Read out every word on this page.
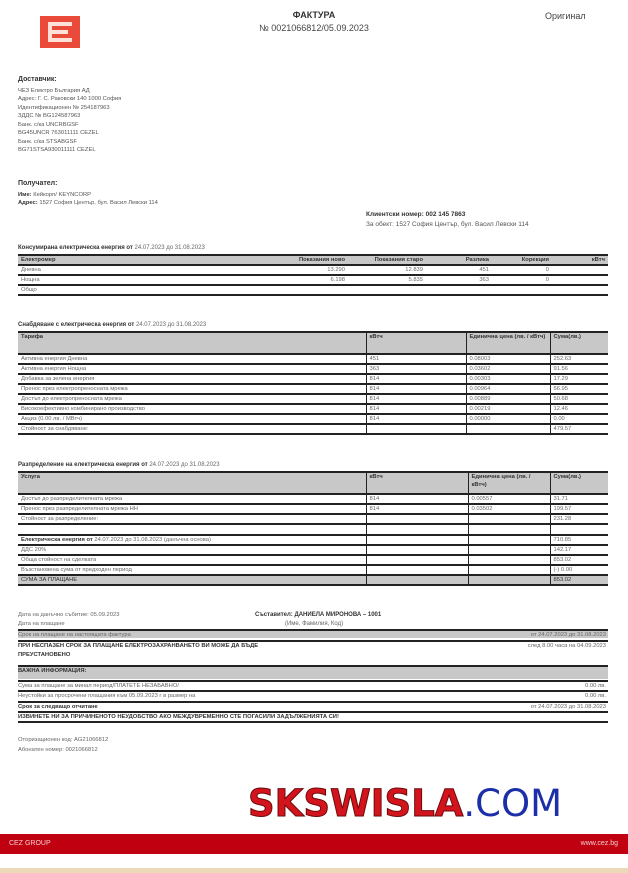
ФАКТУРА
№ 0021066812/05.09.2023
Оригинал
Доставчик:
ЧЕЗ Електро България АД
Адрес: Г. С. Раковски 140 1000 София
Идентификационен № 254187963
ЗДДС № BG124587963
Банк. с/ка UNCRBGSF
BG45UNCR 763011111 CEZEL
Банк. с/ка STSABGSF
BG71STSA930011111 CEZEL
Получател:
Име: Кейкорп/ KEYNCORP
Адрес: 1527 София Център, бул. Васил Левски 114
Клиентски номер: 002 145 7863
За обект: 1527 София Център, бул. Васил Левски 114
Консумирана електрическа енергия от 24.07.2023 до 31.08.2023
Електромер	Показания ново	Показания старо	Разлика	Корекция	кВтч
Дневна	13.290	12.839	451	0	
Нощна	6.198	5.835	363	0	
Общо					
Снабдяване с електрическа енергия от 24.07.2023 до 31.08.2023
Тарифа	кВтч	Единична цена (лв. / кВтч)	Сума(лв.)
Активна енергия Дневна	451	0.08003	252.63
Активна енергия Нощна	363	0.03602	91.56
Добавка за зелена енергия	814	0.00303	17.29
Пренос през електропреносната мрежа	814	0.00964	56.95
Достъп до електропреносната мрежа	814	0.00889	50.68
Високоефективно комбинирано производство	814	0.00219	12.46
Акциз (0.00 лв. / МВтч)	814	0.00000	0.00
Стойност за снабдяване:			479.57
Разпределение на електрическа енергия от 24.07.2023 до 31.08.2023
Услуга	кВтч	Единична цена (лв. / кВтч)	Сума(лв.)
Достъп до разпределителната мрежа	814	0.00557	31.71
Пренос през разпределителната мрежа НН	814	0.03502	199.57
Стойност за разпределение:			231.28

Електрическа енергия от 24.07.2023 до 31.08.2023 (данъчна основа)			710.85
ДДС 20%			142.17
Обща стойност на сделката			853.02
Възстановена сума от предходен период			(-) 0.00
СУМА ЗА ПЛАЩАНЕ			853.02
Дата на данъчно събитие: 05.09.2023
Дата на плащане
Съставител: ДАНИЕЛА МИРОНОВА – 1001
(Име, Фамилия, Код)
Срок на плащане на настоящата фактура	от 24.07.2023 до 31.08.2023
ПРИ НЕСПАЗЕН СРОК ЗА ПЛАЩАНЕ ЕЛЕКТРОЗАХРАНВАНЕТО ВИ МОЖЕ ДА БЪДЕ
ПРЕУСТАНОВЕНО
след 8.00 часа на 04.09.2023
ВАЖНА ИНФОРМАЦИЯ:
Сума за плащане за минал период/ПЛАТЕТЕ НЕЗАБАВНО/	0.00 лв.
Неустойки за просрочени плащания към 05.09.2023 г в размер на	0.00 лв.
Срок за следващо отчитане	от 24.07.2023 до 31.08.2023
ИЗВИНЕТЕ НИ ЗА ПРИЧИНЕНОТО НЕУДОБСТВО АКО МЕЖДУВРЕМЕННО СТЕ ПОГАСИЛИ ЗАДЪЛЖЕНИЯТА СИ!
Оторизационен код: AG21066812
Абонатен номер: 0021066812
SKSWISLA.COM
CEZ GROUP	www.cez.bg
